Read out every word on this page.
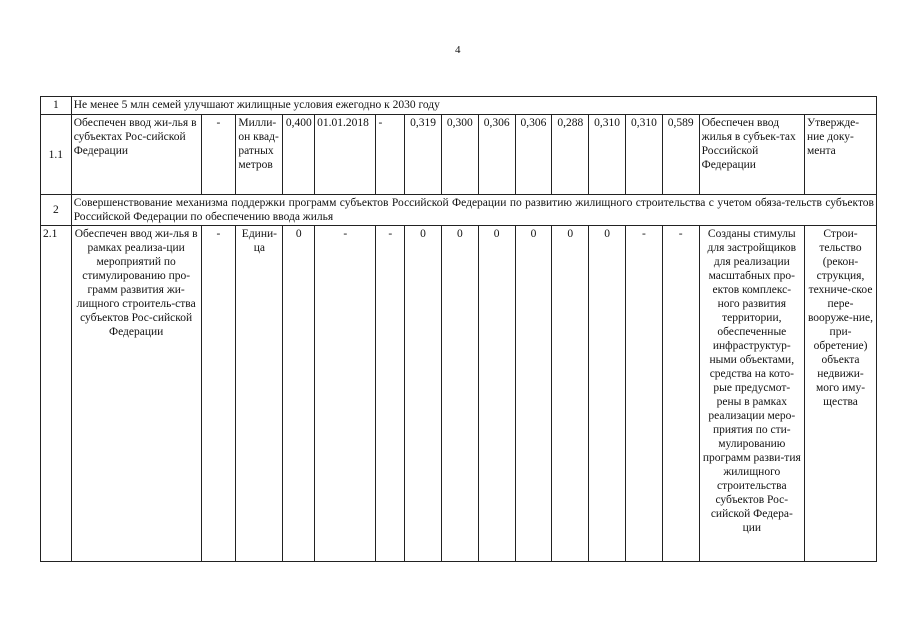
4
1	Не менее 5 млн семей улучшают жилищные условия ежегодно к 2030 году															
1.1	Обеспечен ввод жи-лья в субъектах Рос-сийской Федерации	-	Милли-он квад-ратных метров	0,400	01.01.2018	-	0,319	0,300	0,306	0,306	0,288	0,310	0,310	0,589	Обеспечен ввод жилья в субъек-тах Российской Федерации	Утвержде-ние доку-мента
2	Совершенствование механизма поддержки программ субъектов Российской Федерации по развитию жилищного строительства с учетом обяза-тельств субъектов Российской Федерации по обеспечению ввода жилья															
2.1	Обеспечен ввод жи-лья в рамках реализа-ции мероприятий по стимулированию про-грамм развития жи-лищного строитель-ства субъектов Рос-сийской Федерации	-	Едини-ца	0	-	-	0	0	0	0	0	0	-	-	Созданы стимулы для застройщиков для реализации масштабных про-ектов комплекс-ного развития территории, обеспеченные инфраструктур-ными объектами, средства на кото-рые предусмот-рены в рамках реализации меро-приятия по сти-мулированию программ разви-тия жилищного строительства субъектов Рос-сийской Федера-ции	Строи-тельство (рекон-струкция, техниче-ское пере-вооруже-ние, при-обретение) объекта недвижи-мого иму-щества
